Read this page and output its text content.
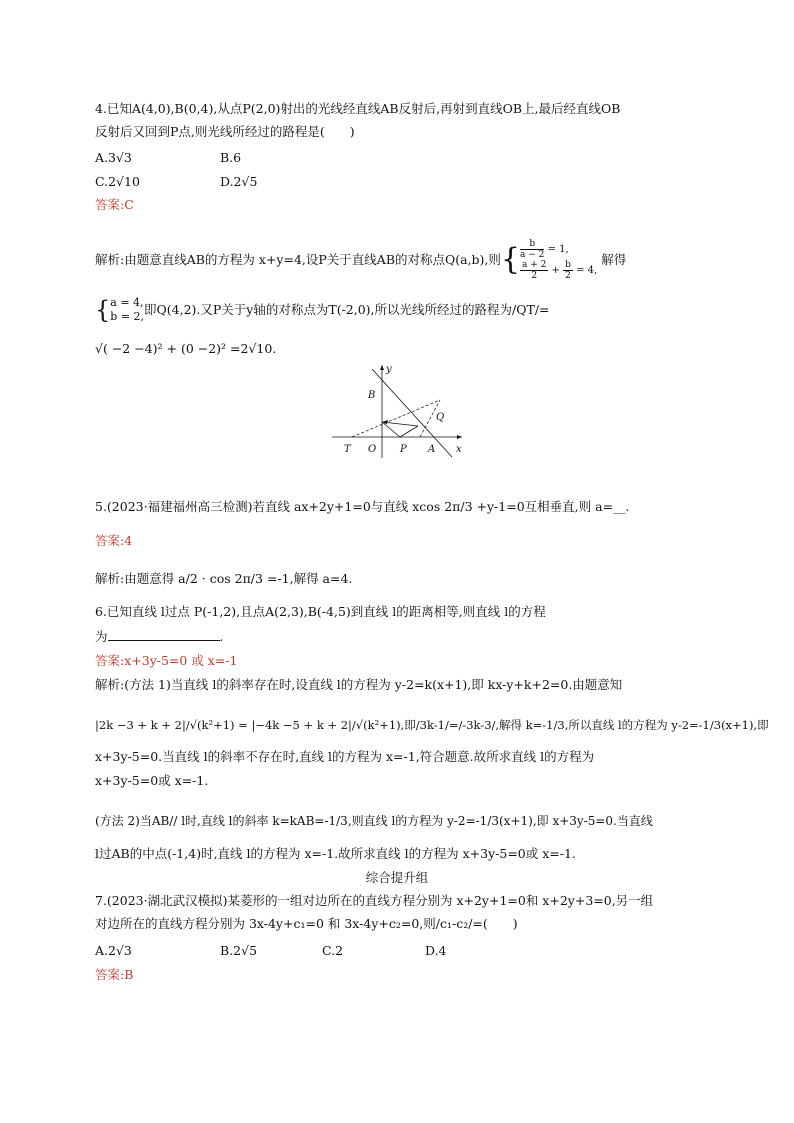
4.已知A(4,0),B(0,4),从点P(2,0)射出的光线经直线AB反射后,再射到直线OB上,最后经直线OB
反射后又回到P点,则光线所经过的路程是(　　)
A.3√3	B.6
C.2√10	D.2√5
答案:C
解析:由题意直线AB的方程为 x+y=4,设P关于直线AB的对称点Q(a,b),则 { $\frac{b}{a - 2} = 1$,
$\frac{a + 2}{2} + \frac{b}{2} = 4$,
解得
{ a = 4,
b = 2, 即Q(4,2).又P关于y轴的对称点为T(-2,0),所以光线所经过的路程为/QT/=
√( −2 −4)² + (0 −2)² =2√10.
y
x
B
Q
T O P A
5.(2023·福建福州高三检测)若直线 ax+2y+1=0与直线 xcos 2π/3 +y-1=0互相垂直,则 a=__.
答案:4
解析:由题意得 a/2 · cos 2π/3 =-1,解得 a=4.
6.已知直线 l过点 P(-1,2),且点A(2,3),B(-4,5)到直线 l的距离相等,则直线 l的方程
为	.
答案:x+3y-5=0 或 x=-1
解析:(方法 1)当直线 l的斜率存在时,设直线 l的方程为 y-2=k(x+1),即 kx-y+k+2=0.由题意知
|2k −3 + k + 2|/√(k²+1) = |−4k −5 + k + 2|/√(k²+1),即/3k-1/=/-3k-3/,解得 k=-1/3,所以直线 l的方程为 y-2=-1/3(x+1),即
x+3y-5=0.当直线 l的斜率不存在时,直线 l的方程为 x=-1,符合题意.故所求直线 l的方程为
x+3y-5=0或 x=-1.
(方法 2)当AB// l时,直线 l的斜率 k=kAB=-1/3,则直线 l的方程为 y-2=-1/3(x+1),即 x+3y-5=0.当直线
l过AB的中点(-1,4)时,直线 l的方程为 x=-1.故所求直线 l的方程为 x+3y-5=0或 x=-1.
综合提升组
7.(2023·湖北武汉模拟)某菱形的一组对边所在的直线方程分别为 x+2y+1=0和 x+2y+3=0,另一组
对边所在的直线方程分别为 3x-4y+c₁=0 和 3x-4y+c₂=0,则/c₁-c₂/=(　　)
A.2√3	B.2√5	C.2	D.4
答案:B
